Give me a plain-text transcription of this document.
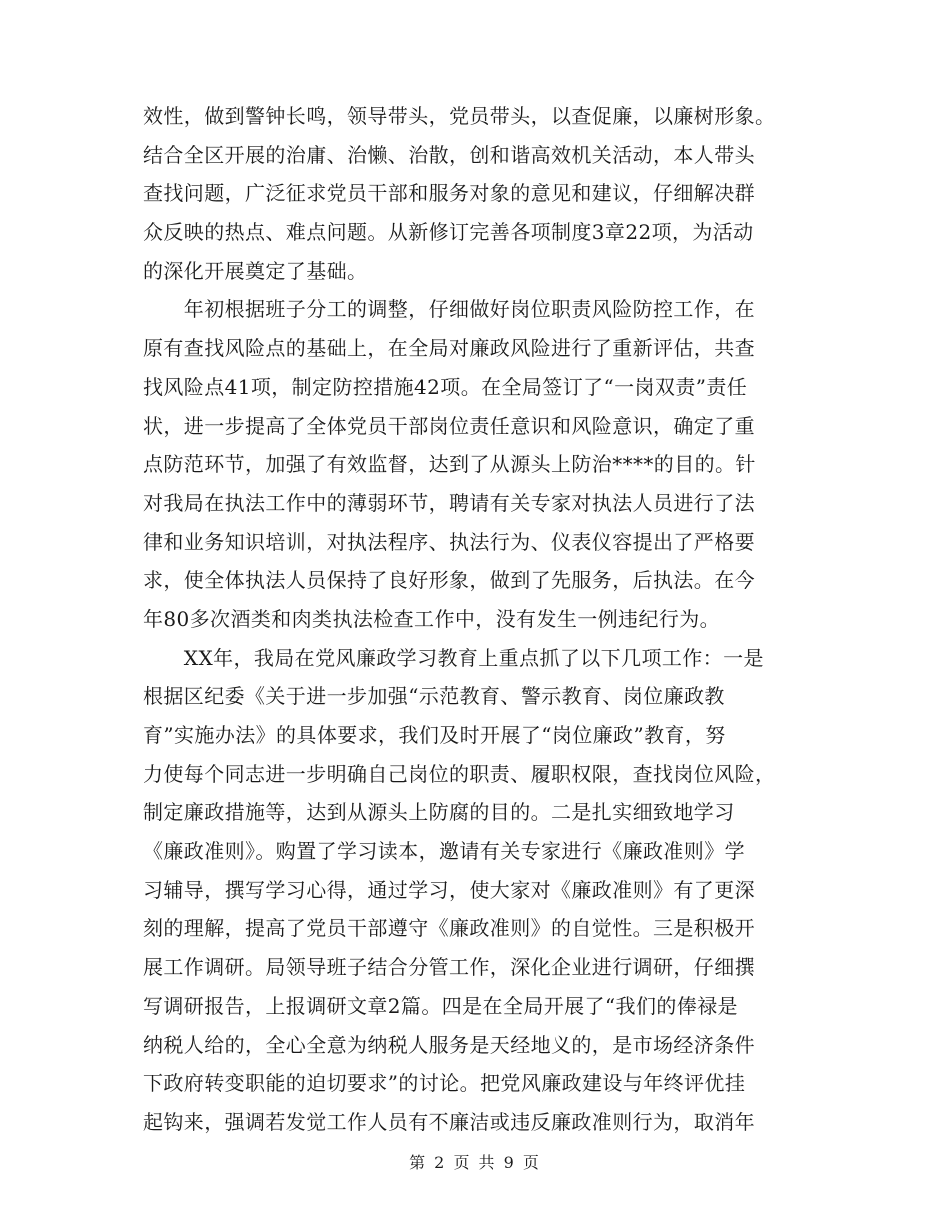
效性，做到警钟长鸣，领导带头，党员带头，以查促廉，以廉树形象。
结合全区开展的治庸、治懒、治散，创和谐高效机关活动，本人带头
查找问题，广泛征求党员干部和服务对象的意见和建议，仔细解决群
众反映的热点、难点问题。从新修订完善各项制度3章22项，为活动
的深化开展奠定了基础。
　　年初根据班子分工的调整，仔细做好岗位职责风险防控工作，在
原有查找风险点的基础上，在全局对廉政风险进行了重新评估，共查
找风险点41项，制定防控措施42项。在全局签订了“一岗双责”责任
状，进一步提高了全体党员干部岗位责任意识和风险意识，确定了重
点防范环节，加强了有效监督，达到了从源头上防治****的目的。针
对我局在执法工作中的薄弱环节，聘请有关专家对执法人员进行了法
律和业务知识培训，对执法程序、执法行为、仪表仪容提出了严格要
求，使全体执法人员保持了良好形象，做到了先服务，后执法。在今
年80多次酒类和肉类执法检查工作中，没有发生一例违纪行为。
　　XX年，我局在党风廉政学习教育上重点抓了以下几项工作：一是
根据区纪委《关于进一步加强“示范教育、警示教育、岗位廉政教
育”实施办法》的具体要求，我们及时开展了“岗位廉政”教育，努
力使每个同志进一步明确自己岗位的职责、履职权限，查找岗位风险，
制定廉政措施等，达到从源头上防腐的目的。二是扎实细致地学习
《廉政准则》。购置了学习读本，邀请有关专家进行《廉政准则》学
习辅导，撰写学习心得，通过学习，使大家对《廉政准则》有了更深
刻的理解，提高了党员干部遵守《廉政准则》的自觉性。三是积极开
展工作调研。局领导班子结合分管工作，深化企业进行调研，仔细撰
写调研报告，上报调研文章2篇。四是在全局开展了“我们的俸禄是
纳税人给的，全心全意为纳税人服务是天经地义的，是市场经济条件
下政府转变职能的迫切要求”的讨论。把党风廉政建设与年终评优挂
起钩来，强调若发觉工作人员有不廉洁或违反廉政准则行为，取消年
第 2 页 共 9 页
